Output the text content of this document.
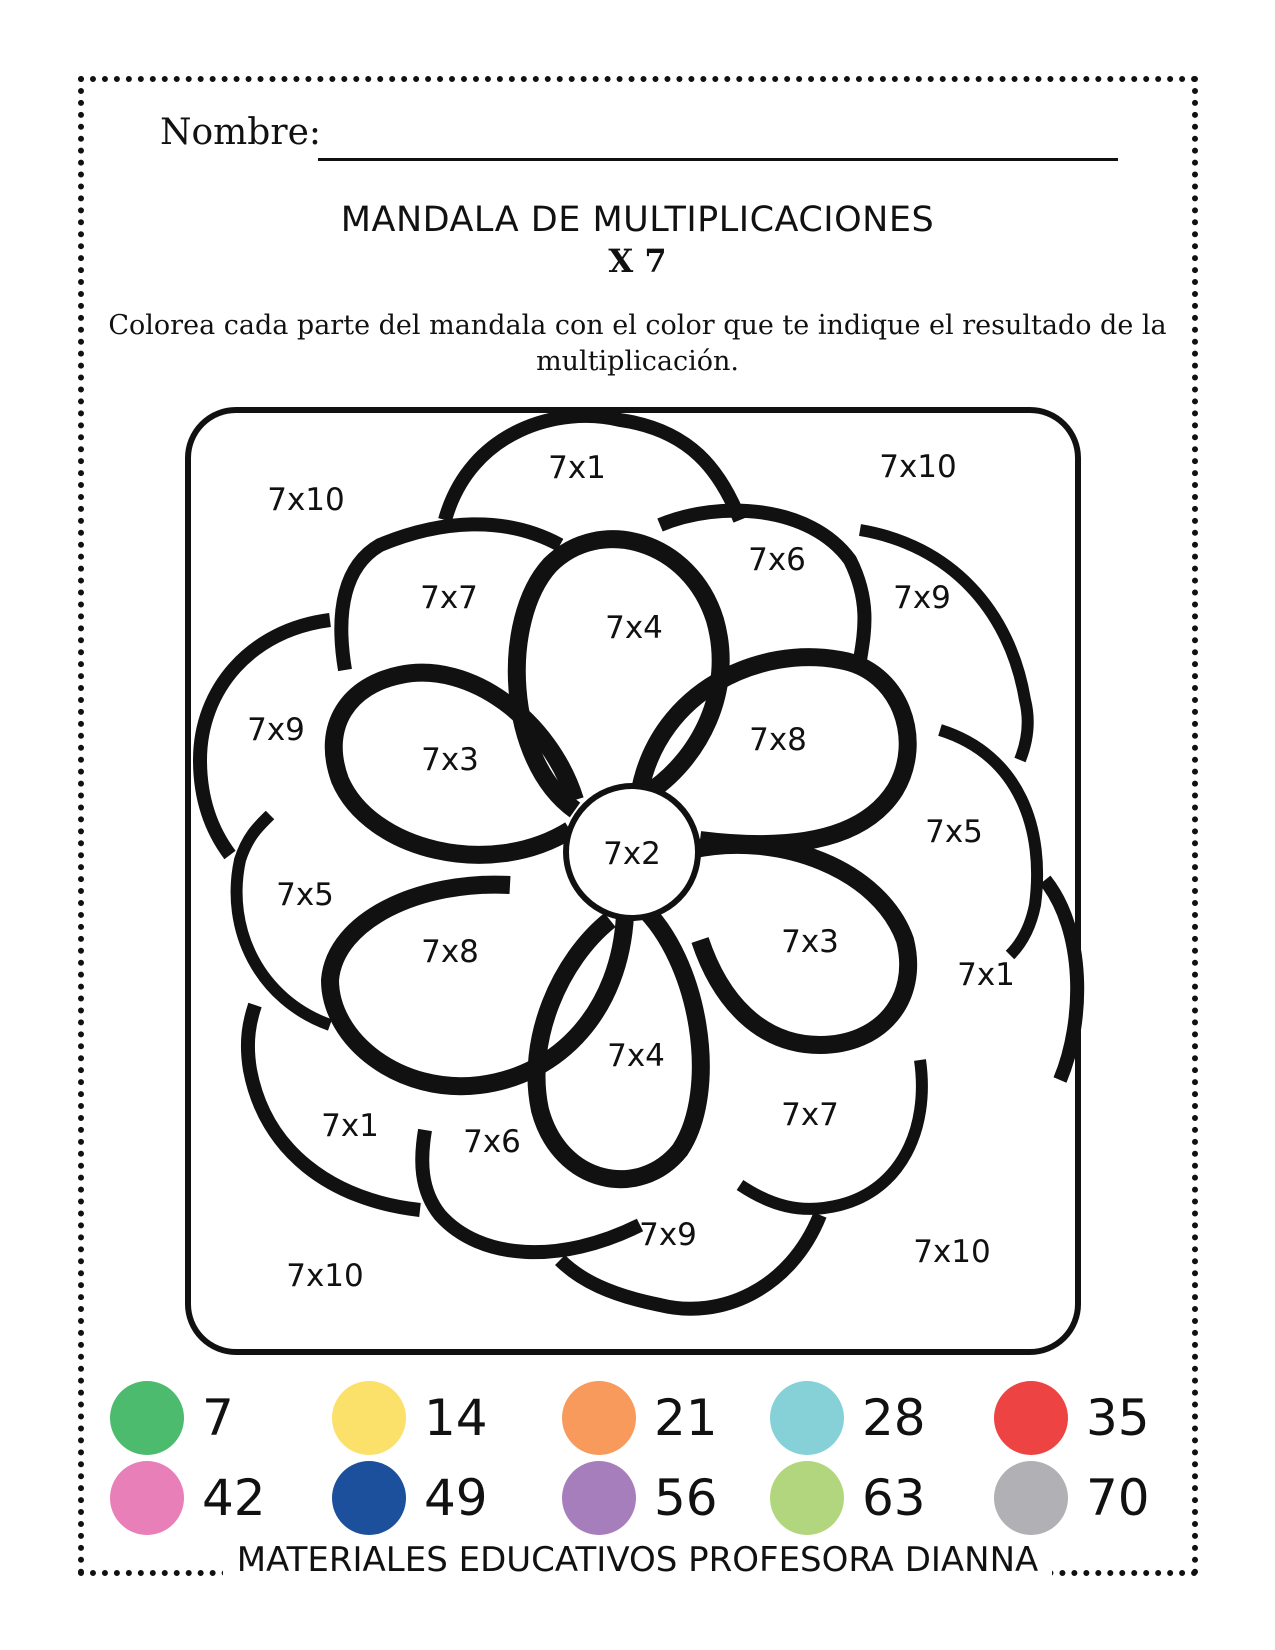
Nombre:
MANDALA DE MULTIPLICACIONES
X 7
Colorea cada parte del mandala con el color que te indique el resultado de la multiplicación.
7x10
7x10
7x10
7x10
7x2
7x4
7x8
7x3
7x4
7x8	7x3
7x1
7x6
7x9
7x5
7x1
7x7
7x9
7x6
7x1
7x5
7x9
7x7
7	14	21	28	35
42	49	56	63	70
MATERIALES EDUCATIVOS PROFESORA DIANNA
